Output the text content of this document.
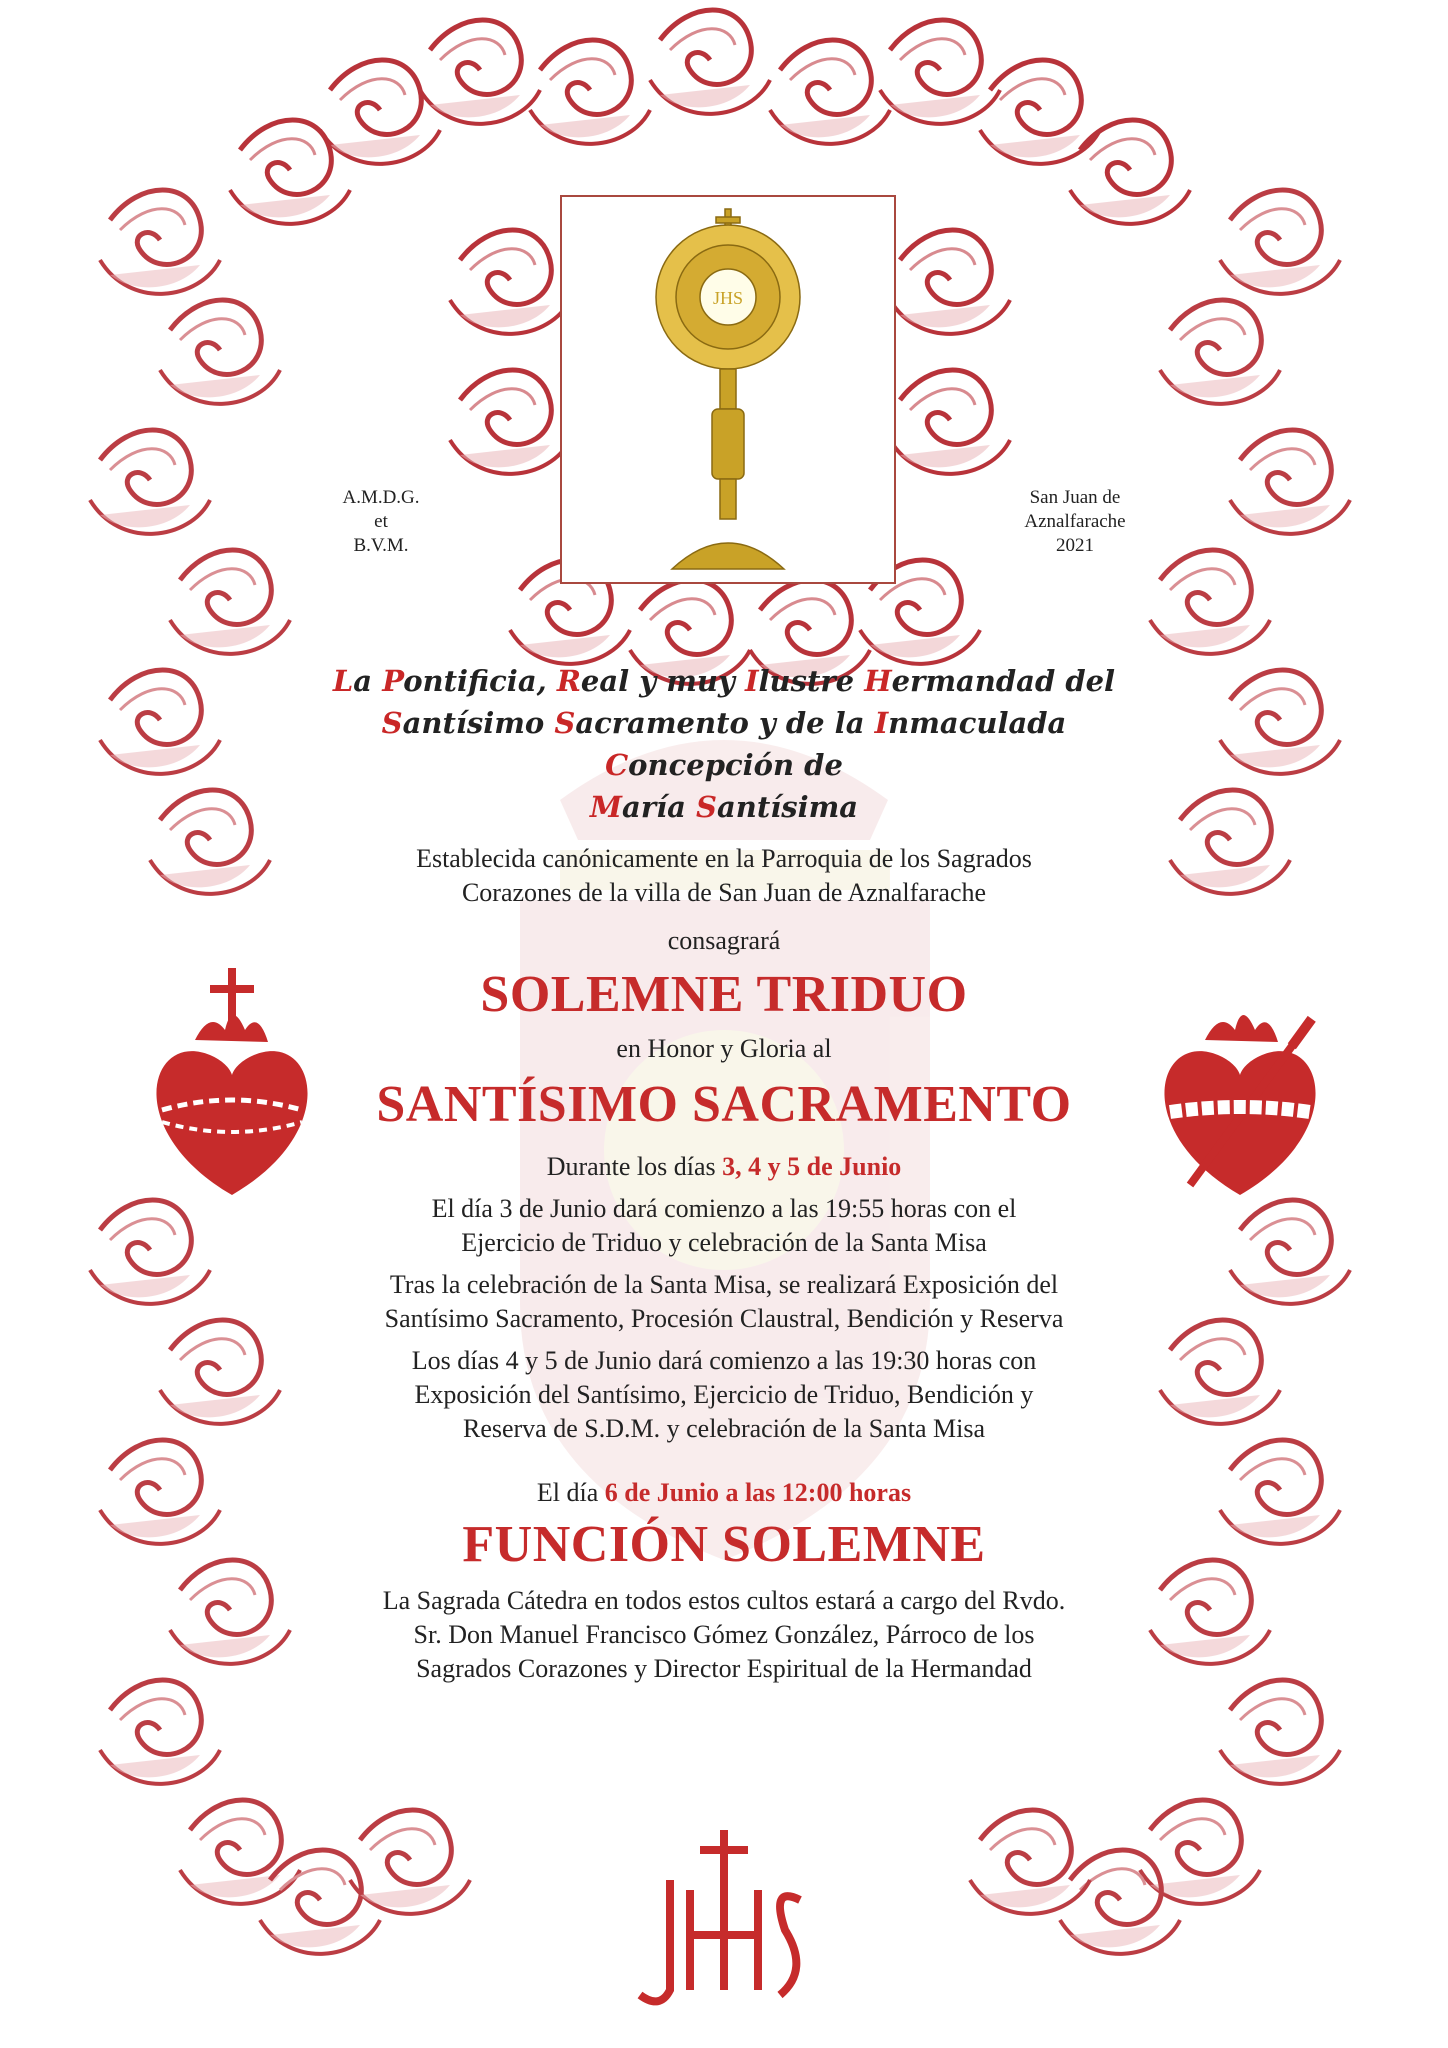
JHS
A.M.D.G.
et
B.V.M.
San Juan de
Aznalfarache
2021
La Pontificia, Real y muy Ilustre Hermandad del
Santísimo Sacramento y de la Inmaculada Concepción de
María Santísima
Establecida canónicamente en la Parroquia de los Sagrados
Corazones de la villa de San Juan de Aznalfarache
consagrará
SOLEMNE TRIDUO
en Honor y Gloria al
SANTÍSIMO SACRAMENTO
Durante los días 3, 4 y 5 de Junio
El día 3 de Junio dará comienzo a las 19:55 horas con el
Ejercicio de Triduo y celebración de la Santa Misa
Tras la celebración de la Santa Misa, se realizará Exposición del
Santísimo Sacramento, Procesión Claustral, Bendición y Reserva
Los días 4 y 5 de Junio dará comienzo a las 19:30 horas con
Exposición del Santísimo, Ejercicio de Triduo, Bendición y
Reserva de S.D.M. y celebración de la Santa Misa
El día 6 de Junio a las 12:00 horas
FUNCIÓN SOLEMNE
La Sagrada Cátedra en todos estos cultos estará a cargo del Rvdo.
Sr. Don Manuel Francisco Gómez González, Párroco de los
Sagrados Corazones y Director Espiritual de la Hermandad
